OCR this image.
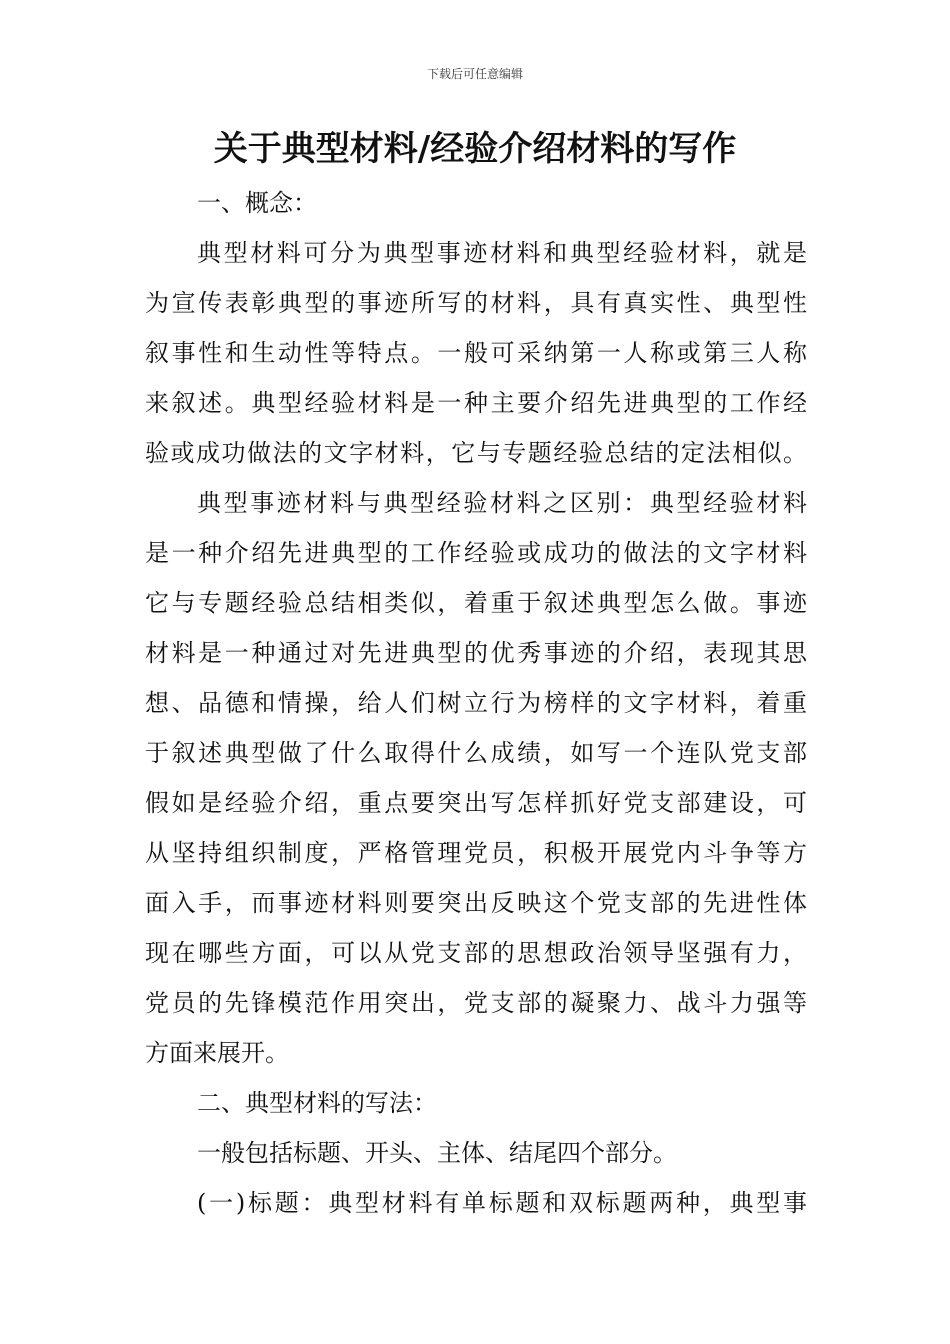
下载后可任意编辑
关于典型材料/经验介绍材料的写作
一、概念：
典型材料可分为典型事迹材料和典型经验材料，就是
为宣传表彰典型的事迹所写的材料，具有真实性、典型性
叙事性和生动性等特点。一般可采纳第一人称或第三人称
来叙述。典型经验材料是一种主要介绍先进典型的工作经
验或成功做法的文字材料，它与专题经验总结的定法相似。
典型事迹材料与典型经验材料之区别：典型经验材料
是一种介绍先进典型的工作经验或成功的做法的文字材料
它与专题经验总结相类似，着重于叙述典型怎么做。事迹
材料是一种通过对先进典型的优秀事迹的介绍，表现其思
想、品德和情操，给人们树立行为榜样的文字材料，着重
于叙述典型做了什么取得什么成绩，如写一个连队党支部
假如是经验介绍，重点要突出写怎样抓好党支部建设，可
从坚持组织制度，严格管理党员，积极开展党内斗争等方
面入手，而事迹材料则要突出反映这个党支部的先进性体
现在哪些方面，可以从党支部的思想政治领导坚强有力，
党员的先锋模范作用突出，党支部的凝聚力、战斗力强等
方面来展开。
二、典型材料的写法：
一般包括标题、开头、主体、结尾四个部分。
(一)标题：典型材料有单标题和双标题两种，典型事
